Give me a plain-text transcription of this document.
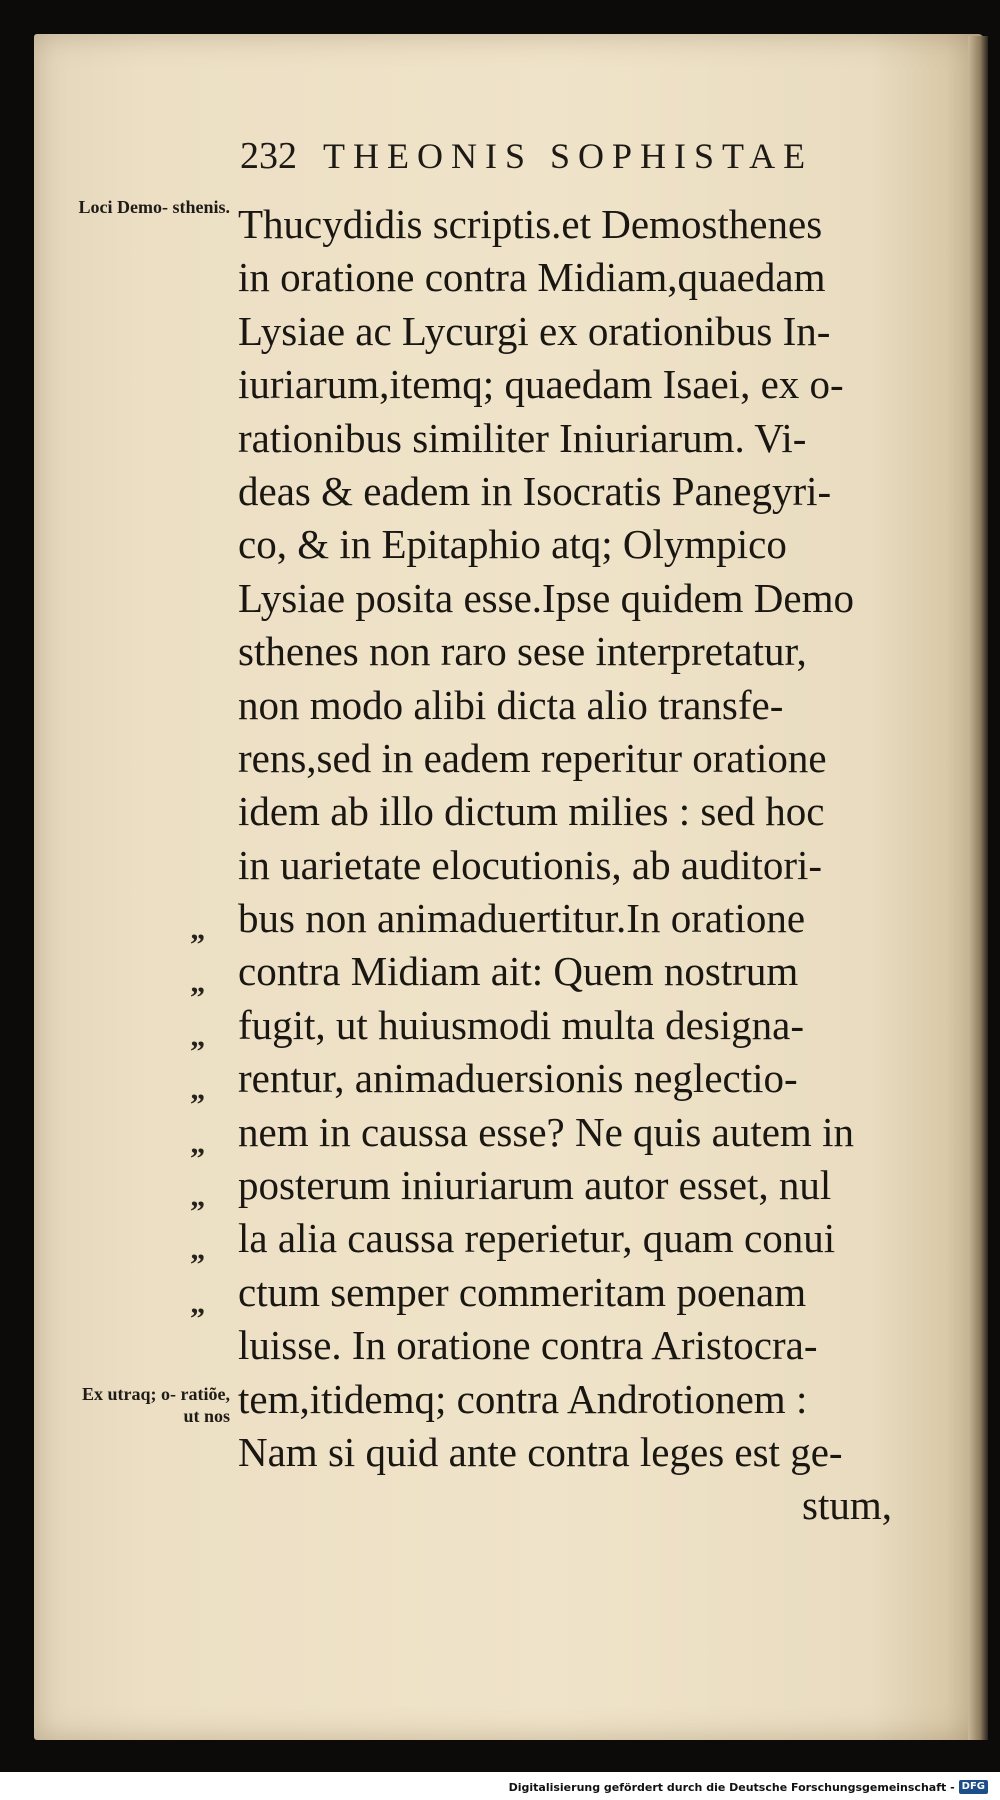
232 THEONIS SOPHISTAE
Loci Demo- sthenis.
Ex utraq; o- ratiõe, ut nos
”
”
”
”
”
”
”
”
Thucydidis scriptis.et Demosthenes
in oratione contra Midiam,quaedam
Lysiae ac Lycurgi ex orationibus In-
iuriarum,itemq; quaedam Isaei, ex o-
rationibus similiter Iniuriarum. Vi-
deas & eadem in Isocratis Panegyri-
co, & in Epitaphio atq; Olympico
Lysiae posita esse.Ipse quidem Demo
sthenes non raro sese interpretatur,
non modo alibi dicta alio transfe-
rens,sed in eadem reperitur oratione
idem ab illo dictum milies : sed hoc
in uarietate elocutionis, ab auditori-
bus non animaduertitur.In oratione
contra Midiam ait: Quem nostrum
fugit, ut huiusmodi multa designa-
rentur, animaduersionis neglectio-
nem in caussa esse? Ne quis autem in
posterum iniuriarum autor esset, nul
la alia caussa reperietur, quam conui
ctum semper commeritam poenam
luisse. In oratione contra Aristocra-
tem,itidemq; contra Androtionem :
Nam si quid ante contra leges est ge-
stum,
Digitalisierung gefördert durch die Deutsche Forschungsgemeinschaft - DFG
